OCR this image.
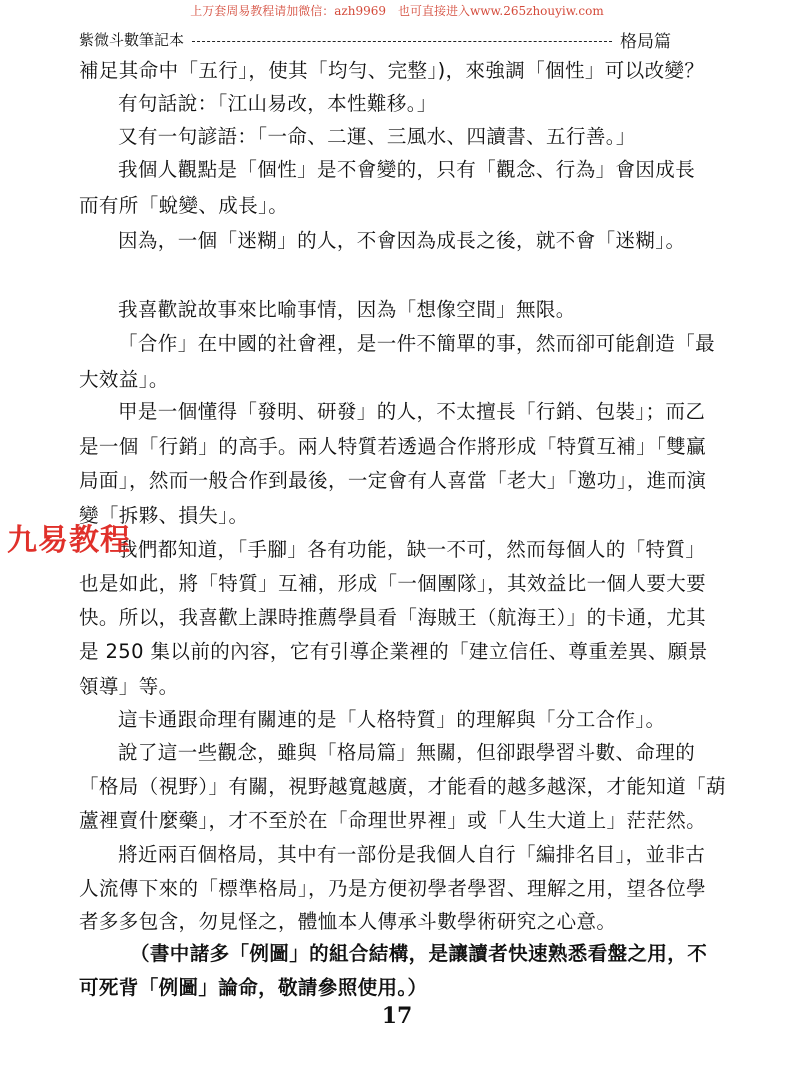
上万套周易教程请加微信：azh9969　也可直接进入www.265zhouyiw.com
紫微斗數筆記本	格局篇
補足其命中「五行」，使其「均勻、完整」)，來強調「個性」可以改變？
有句話說：「江山易改，本性難移。」
又有一句諺語：「一命、二運、三風水、四讀書、五行善。」
我個人觀點是「個性」是不會變的，只有「觀念、行為」會因成長
而有所「蛻變、成長」。
因為，一個「迷糊」的人，不會因為成長之後，就不會「迷糊」。
我喜歡說故事來比喻事情，因為「想像空間」無限。
「合作」在中國的社會裡，是一件不簡單的事，然而卻可能創造「最
大效益」。
甲是一個懂得「發明、研發」的人，不太擅長「行銷、包裝」；而乙
是一個「行銷」的高手。兩人特質若透過合作將形成「特質互補」「雙贏
局面」，然而一般合作到最後，一定會有人喜當「老大」「邀功」，進而演
變「拆夥、損失」。
我們都知道，「手腳」各有功能，缺一不可，然而每個人的「特質」
也是如此，將「特質」互補，形成「一個團隊」，其效益比一個人要大要
快。所以，我喜歡上課時推薦學員看「海賊王（航海王）」的卡通，尤其
是 250 集以前的內容，它有引導企業裡的「建立信任、尊重差異、願景
領導」等。
這卡通跟命理有關連的是「人格特質」的理解與「分工合作」。
說了這一些觀念，雖與「格局篇」無關，但卻跟學習斗數、命理的
「格局（視野）」有關，視野越寬越廣，才能看的越多越深，才能知道「葫
蘆裡賣什麼藥」，才不至於在「命理世界裡」或「人生大道上」茫茫然。
將近兩百個格局，其中有一部份是我個人自行「編排名目」，並非古
人流傳下來的「標準格局」，乃是方便初學者學習、理解之用，望各位學
者多多包含，勿見怪之，體恤本人傳承斗數學術研究之心意。
（書中諸多「例圖」的組合結構，是讓讀者快速熟悉看盤之用，不
可死背「例圖」論命，敬請參照使用。）
九易教程
17
